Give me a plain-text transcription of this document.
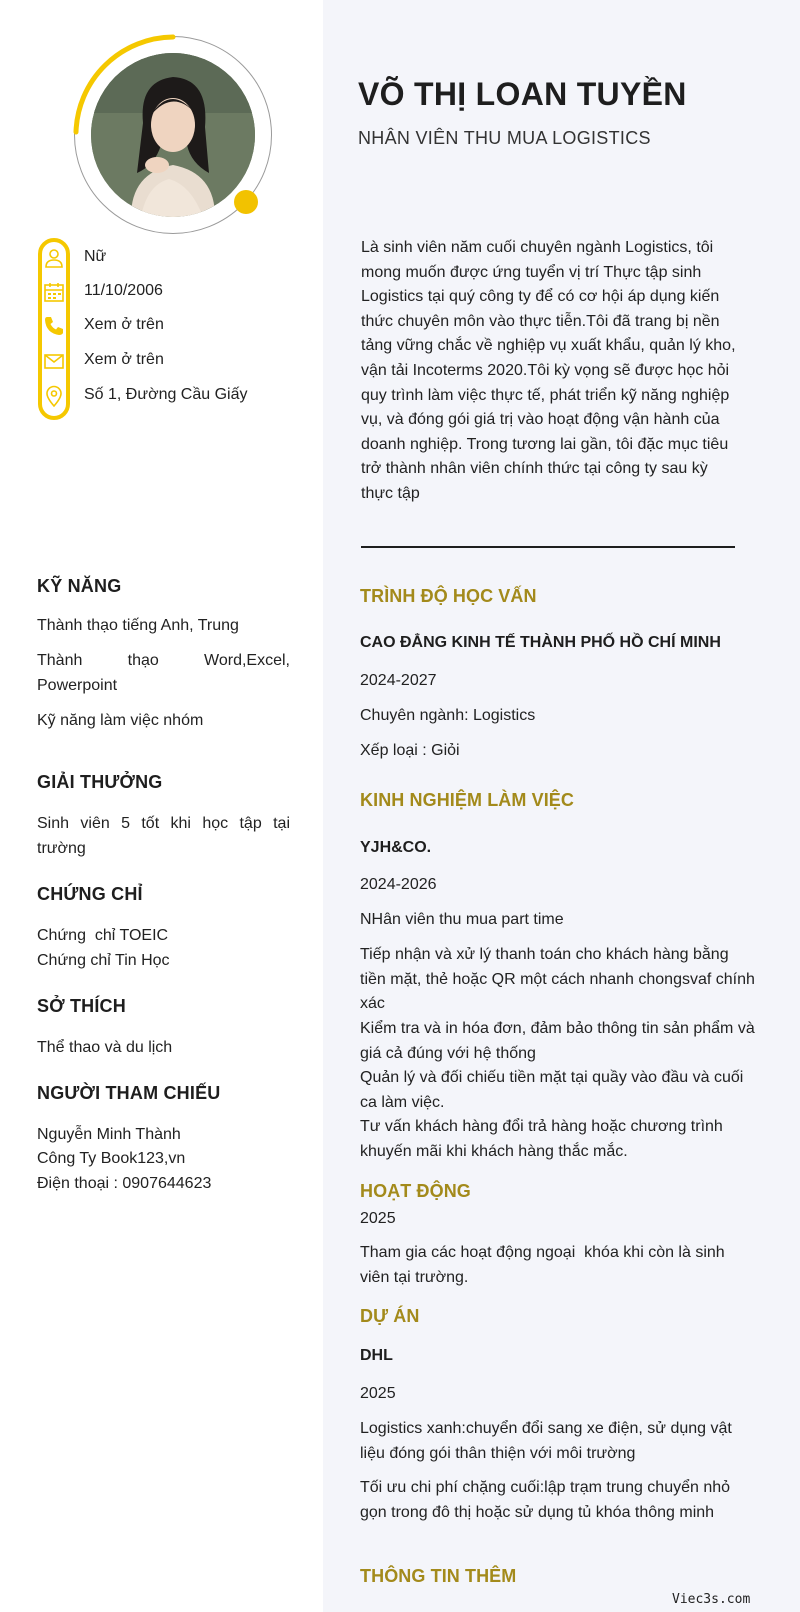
Nữ
11/10/2006
Xem ở trên
Xem ở trên
Số 1, Đường Cầu Giấy
KỸ NĂNG
Thành thạo tiếng Anh, Trung
Thành thạo Word,Excel,
Powerpoint
Kỹ năng làm việc nhóm
GIẢI THƯỞNG
Sinh viên 5 tốt khi học tập tại trường
CHỨNG CHỈ
Chứng  chỉ TOEIC
Chứng chỉ Tin Học
SỞ THÍCH
Thể thao và du lịch
NGƯỜI THAM CHIẾU
Nguyễn Minh Thành
Công Ty Book123,vn
Điện thoại : 0907644623
VÕ THỊ LOAN TUYỀN
NHÂN VIÊN THU MUA LOGISTICS
Là sinh viên năm cuối chuyên ngành Logistics, tôi mong muốn được ứng tuyển vị trí Thực tập sinh Logistics tại quý công ty để có cơ hội áp dụng kiến thức chuyên môn vào thực tiễn.Tôi đã trang bị nền tảng vững chắc về nghiệp vụ xuất khẩu, quản lý kho, vận tải Incoterms 2020.Tôi kỳ vọng sẽ được học hỏi quy trình làm việc thực tế, phát triển kỹ năng nghiệp vụ, và đóng gói giá trị vào hoạt động vận hành của doanh nghiệp. Trong tương lai gần, tôi đặc mục tiêu trở thành nhân viên chính thức tại công ty sau kỳ thực tập
TRÌNH ĐỘ HỌC VẤN
CAO ĐẲNG KINH TẾ THÀNH PHỐ HỒ CHÍ MINH
2024-2027
Chuyên ngành: Logistics
Xếp loại : Giỏi
KINH NGHIỆM LÀM VIỆC
YJH&CO.
2024-2026
NHân viên thu mua part time
Tiếp nhận và xử lý thanh toán cho khách hàng bằng tiền mặt, thẻ hoặc QR một cách nhanh chongsvaf chính xác
Kiểm tra và in hóa đơn, đảm bảo thông tin sản phẩm và giá cả đúng với hệ thống
Quản lý và đối chiếu tiền mặt tại quầy vào đầu và cuối ca làm việc.
Tư vấn khách hàng đổi trả hàng hoặc chương trình khuyến mãi khi khách hàng thắc mắc.
HOẠT ĐỘNG
2025
Tham gia các hoạt động ngoại  khóa khi còn là sinh viên tại trường.
DỰ ÁN
DHL
2025
Logistics xanh:chuyển đổi sang xe điện, sử dụng vật liệu đóng gói thân thiện với môi trường
Tối ưu chi phí chặng cuối:lập trạm trung chuyển nhỏ gọn trong đô thị hoặc sử dụng tủ khóa thông minh
THÔNG TIN THÊM
Viec3s.com
